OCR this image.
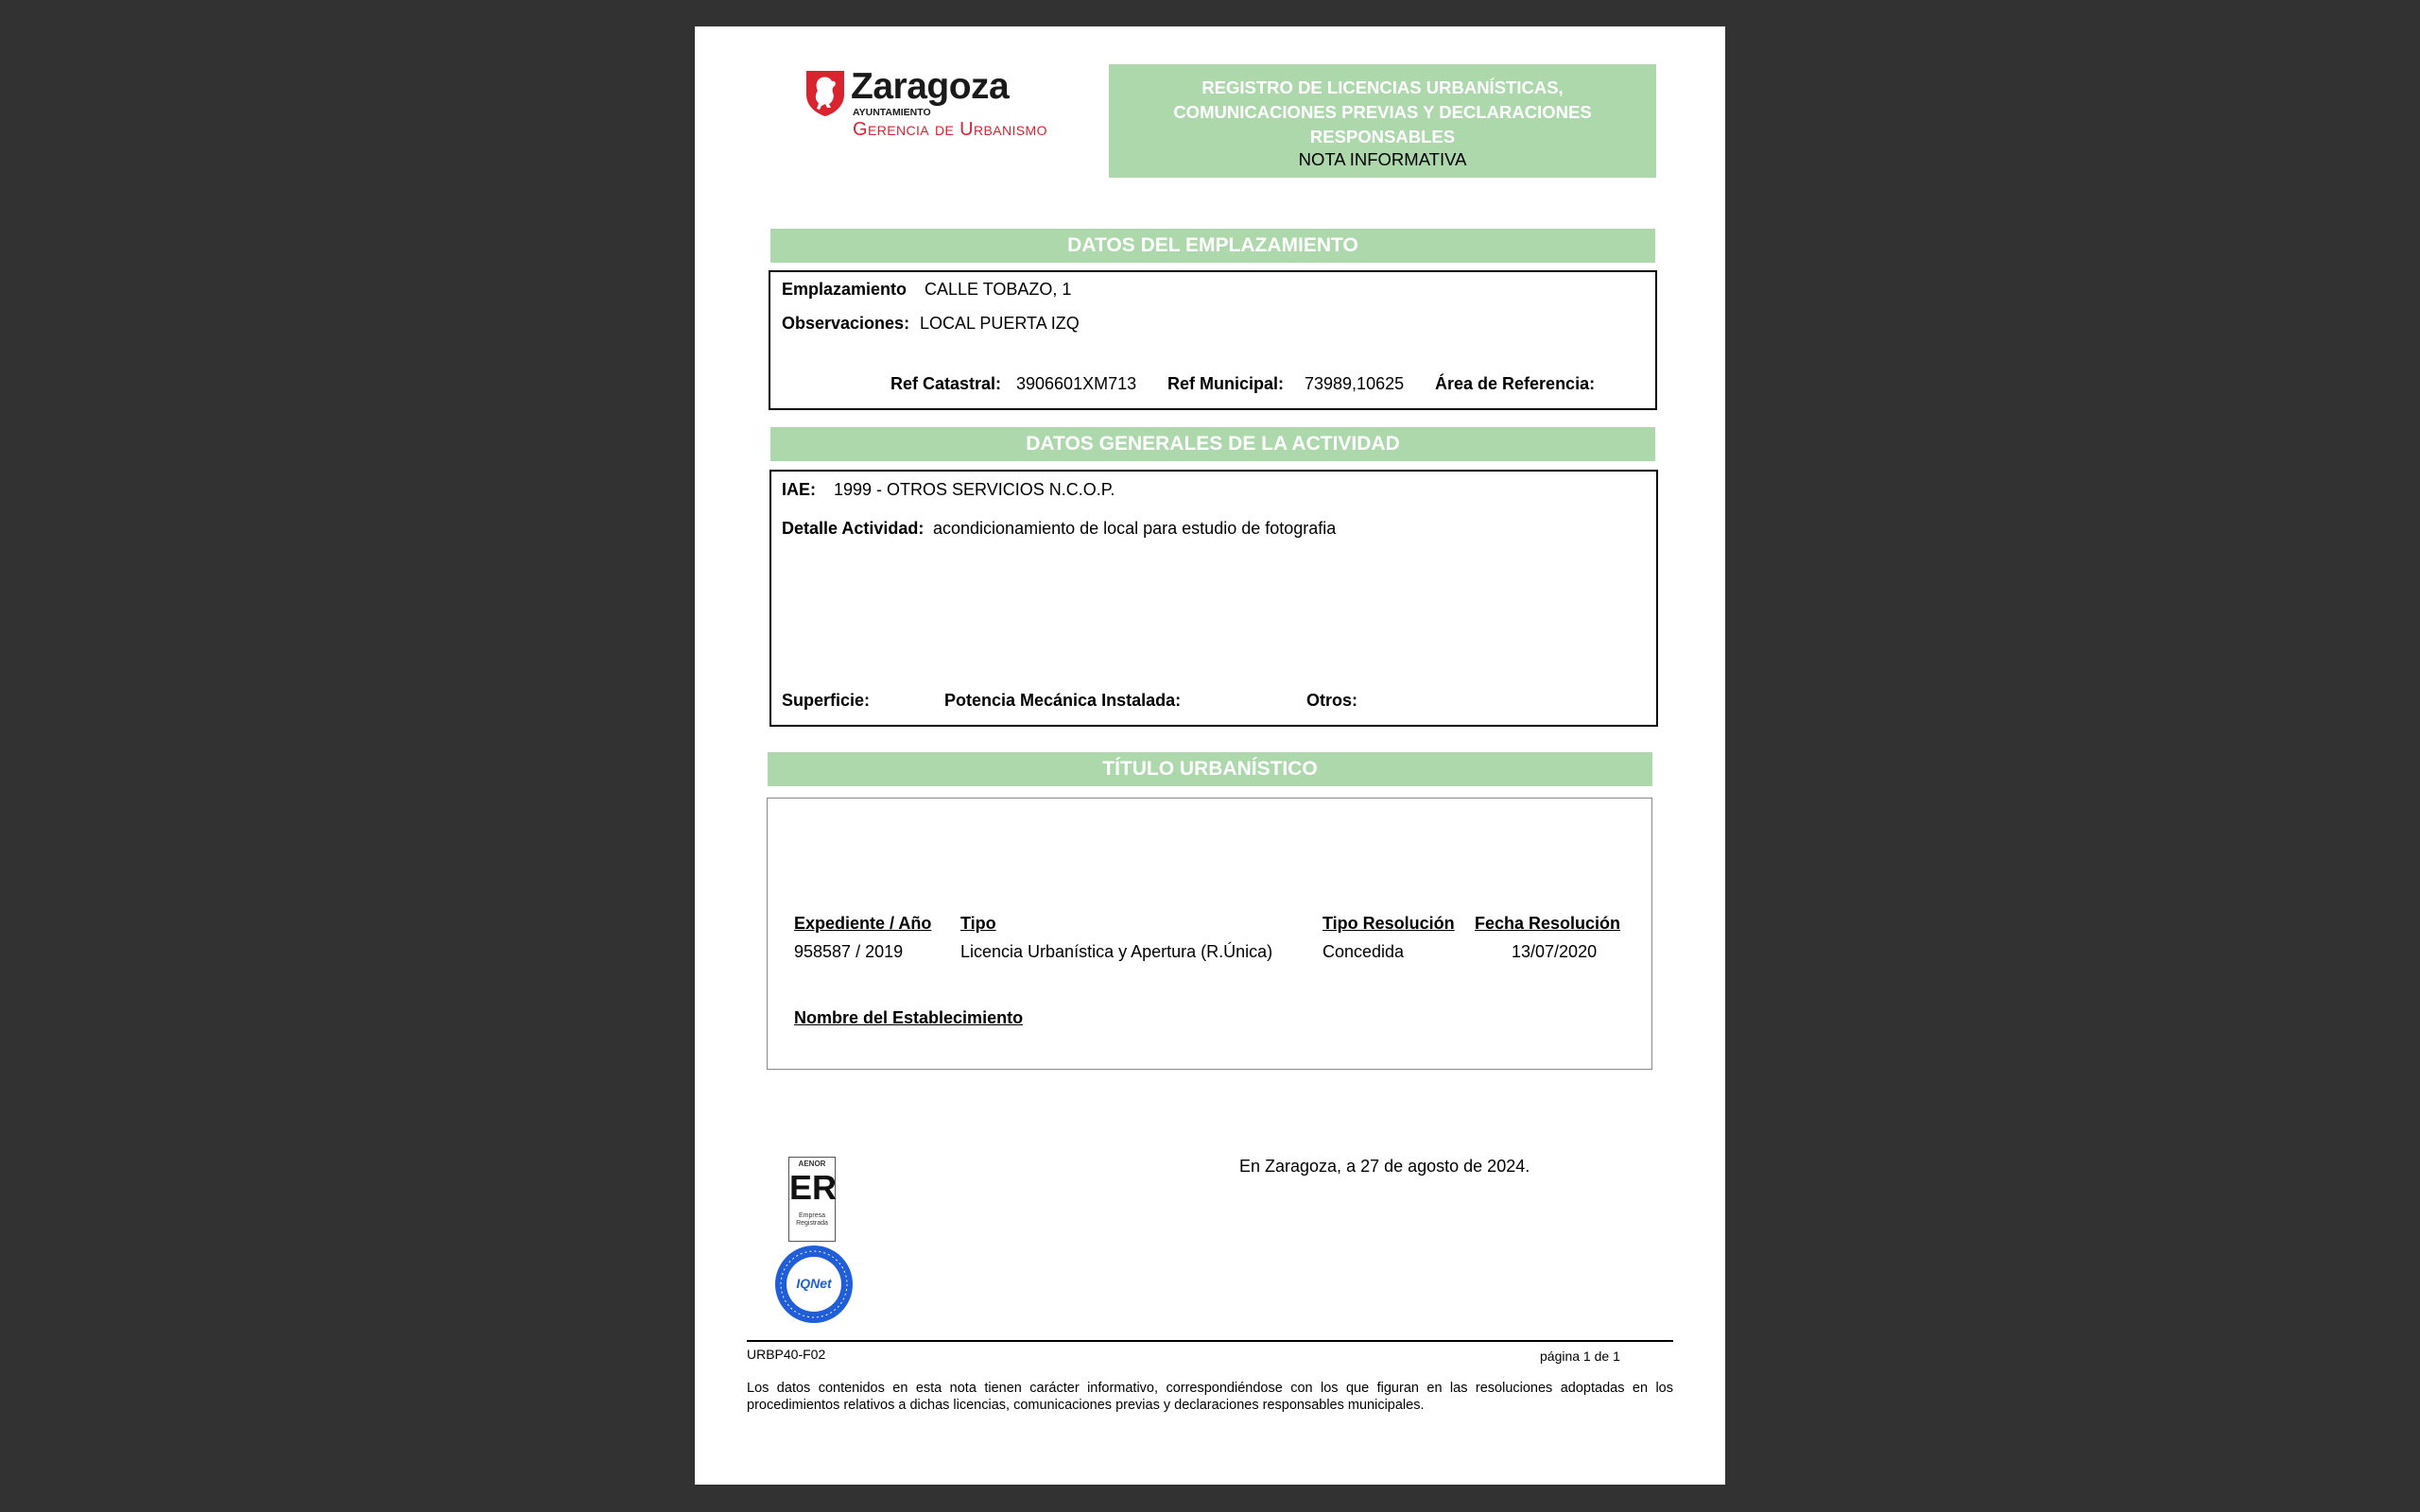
Zaragoza
AYUNTAMIENTO
Gerencia de Urbanismo
REGISTRO DE LICENCIAS URBANÍSTICAS, COMUNICACIONES PREVIAS Y DECLARACIONES RESPONSABLES
NOTA INFORMATIVA
DATOS DEL EMPLAZAMIENTO
Emplazamiento CALLE TOBAZO, 1
Observaciones: LOCAL PUERTA IZQ
Ref Catastral: 3906601XM713 Ref Municipal: 73989,10625 Área de Referencia:
DATOS GENERALES DE LA ACTIVIDAD
IAE: 1999 - OTROS SERVICIOS N.C.O.P.
Detalle Actividad: acondicionamiento de local para estudio de fotografia
Superficie:	Potencia Mecánica Instalada:	Otros:
TÍTULO URBANÍSTICO
Expediente / Año Tipo	Tipo Resolución Fecha Resolución
958587 / 2019	Licencia Urbanística y Apertura (R.Única)	Concedida	13/07/2020
Nombre del Establecimiento
En Zaragoza, a 27 de agosto de 2024.
AENOR
ER
Empresa Registrada
IQNet
URBP40-F02	página 1 de 1
Los datos contenidos en esta nota tienen carácter informativo, correspondiéndose con los que figuran en las resoluciones adoptadas en los procedimientos relativos a dichas licencias, comunicaciones previas y declaraciones responsables municipales.
